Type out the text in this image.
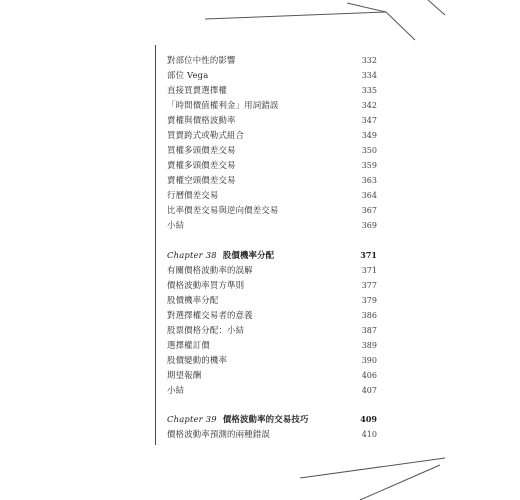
對部位中性的影響	332
部位 Vega	334
直接買賣選擇權	335
「時間價值權利金」用詞錯誤	342
賣權與價格波動率	347
買賣跨式或勒式組合	349
買權多頭價差交易	350
賣權多頭價差交易	359
賣權空頭價差交易	363
行曆價差交易	364
比率價差交易與逆向價差交易	367
小結	369
Chapter 38 股價機率分配	371
有關價格波動率的誤解	371
價格波動率買方準則	377
股價機率分配	379
對選擇權交易者的意義	386
股票價格分配：小結	387
選擇權訂價	389
股價變動的機率	390
期望報酬	406
小結	407
Chapter 39 價格波動率的交易技巧	409
價格波動率預測的兩種錯誤	410
